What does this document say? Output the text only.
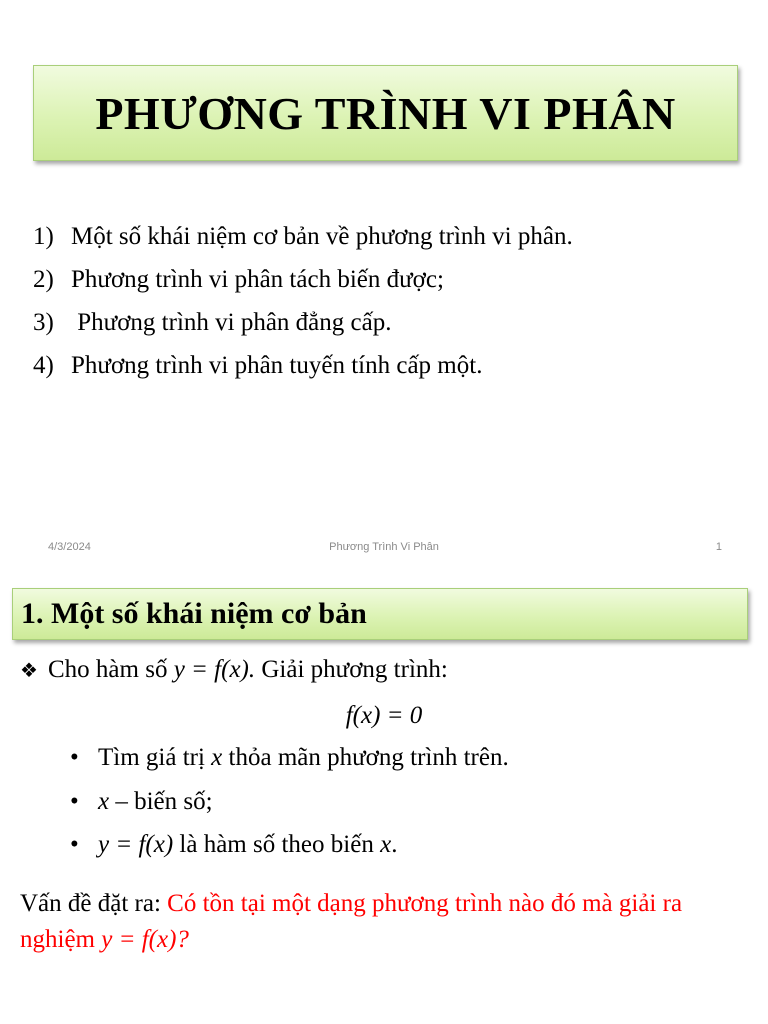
PHƯƠNG TRÌNH VI PHÂN
1) Một số khái niệm cơ bản về phương trình vi phân.
2) Phương trình vi phân tách biến được;
3) Phương trình vi phân đẳng cấp.
4) Phương trình vi phân tuyến tính cấp một.
4/3/2024	Phương Trình Vi Phân	1
1. Một số khái niệm cơ bản
❖ Cho hàm số y = f(x). Giải phương trình:
f(x) = 0
• Tìm giá trị x thỏa mãn phương trình trên.
• x – biến số;
• y = f(x) là hàm số theo biến x.
Vấn đề đặt ra: Có tồn tại một dạng phương trình nào đó mà giải ra nghiệm y = f(x)?
